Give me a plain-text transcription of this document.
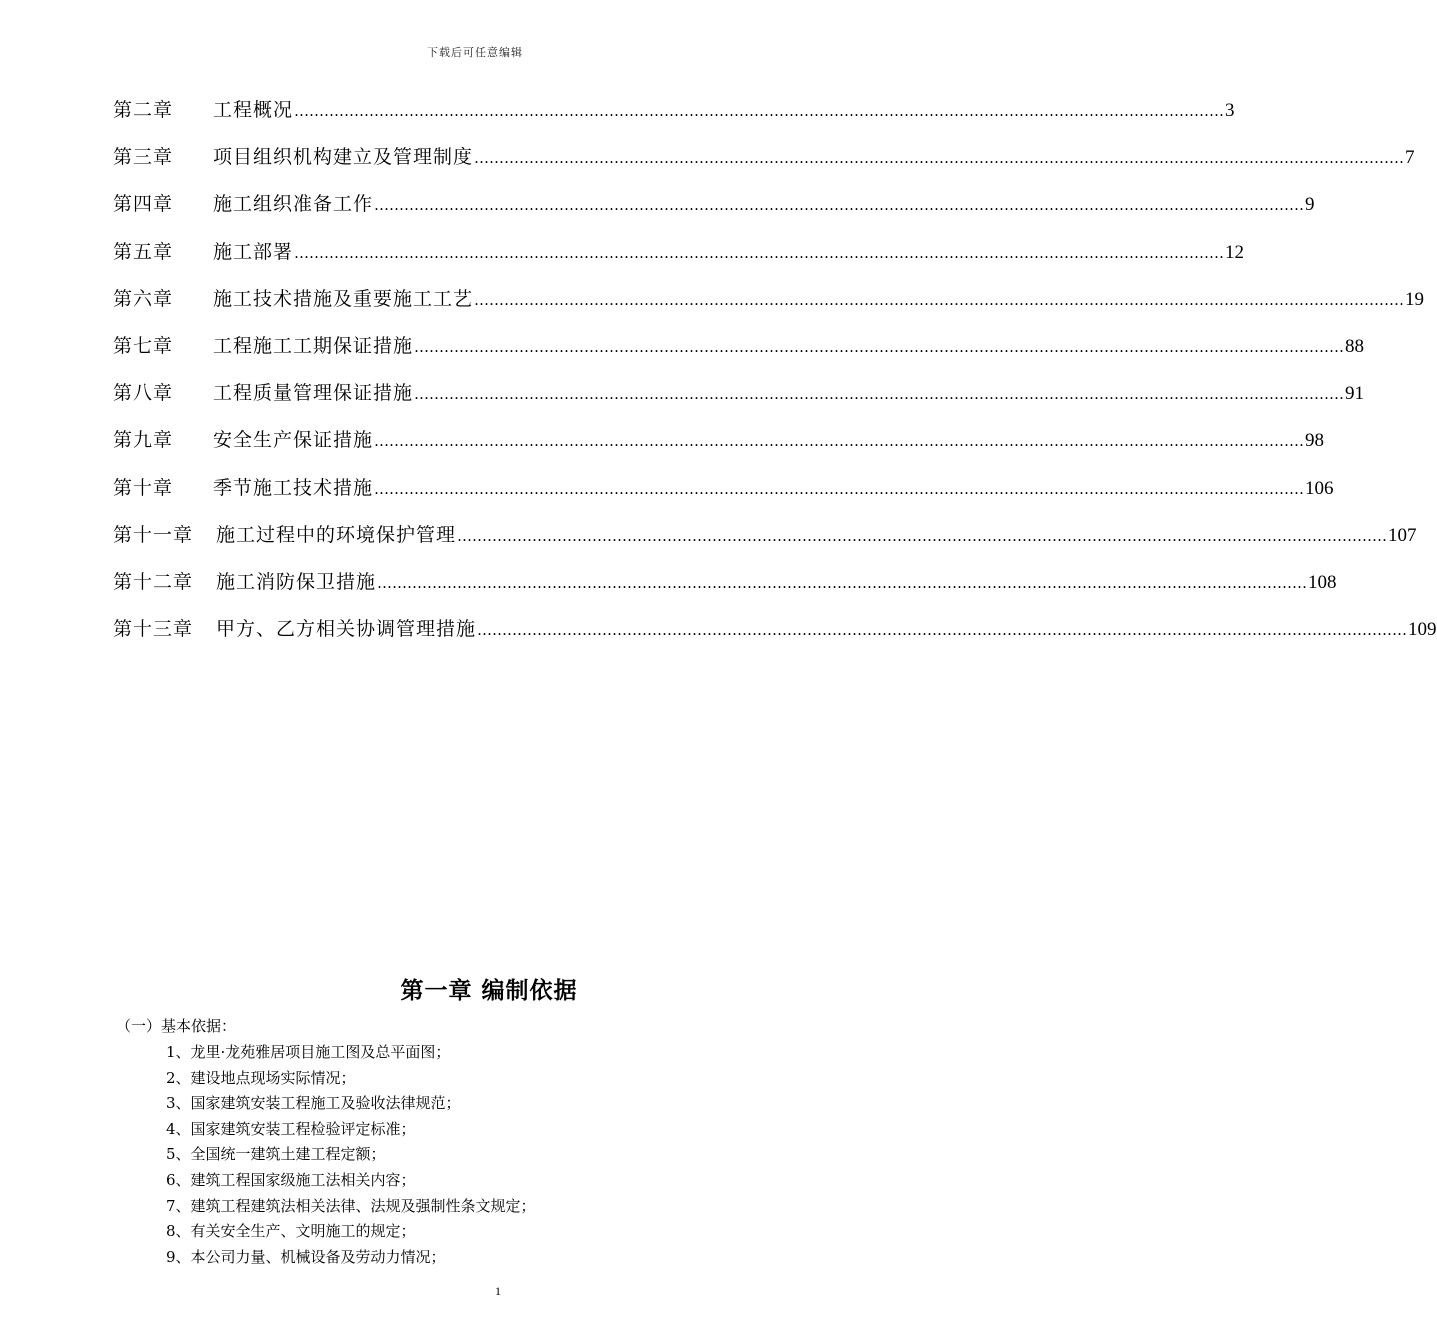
下载后可任意编辑
第二章 工程概况 …………………………………………………………………………………………………………………………………………………………………… 3
第三章 项目组织机构建立及管理制度 …………………………………………………………………………………………………………………………………………………………………… 7
第四章 施工组织准备工作 …………………………………………………………………………………………………………………………………………………………………… 9
第五章 施工部署 …………………………………………………………………………………………………………………………………………………………………… 12
第六章 施工技术措施及重要施工工艺 …………………………………………………………………………………………………………………………………………………………………… 19
第七章 工程施工工期保证措施 …………………………………………………………………………………………………………………………………………………………………… 88
第八章 工程质量管理保证措施 …………………………………………………………………………………………………………………………………………………………………… 91
第九章 安全生产保证措施 …………………………………………………………………………………………………………………………………………………………………… 98
第十章 季节施工技术措施 …………………………………………………………………………………………………………………………………………………………………… 106
第十一章 施工过程中的环境保护管理 …………………………………………………………………………………………………………………………………………………………………… 107
第十二章 施工消防保卫措施 …………………………………………………………………………………………………………………………………………………………………… 108
第十三章 甲方、乙方相关协调管理措施 …………………………………………………………………………………………………………………………………………………………………… 109
第一章 编制依据
（一）基本依据：
1、龙里·龙苑雅居项目施工图及总平面图；
2、建设地点现场实际情况；
3、国家建筑安装工程施工及验收法律规范；
4、国家建筑安装工程检验评定标准；
5、全国统一建筑土建工程定额；
6、建筑工程国家级施工法相关内容；
7、建筑工程建筑法相关法律、法规及强制性条文规定；
8、有关安全生产、文明施工的规定；
9、本公司力量、机械设备及劳动力情况；
1
